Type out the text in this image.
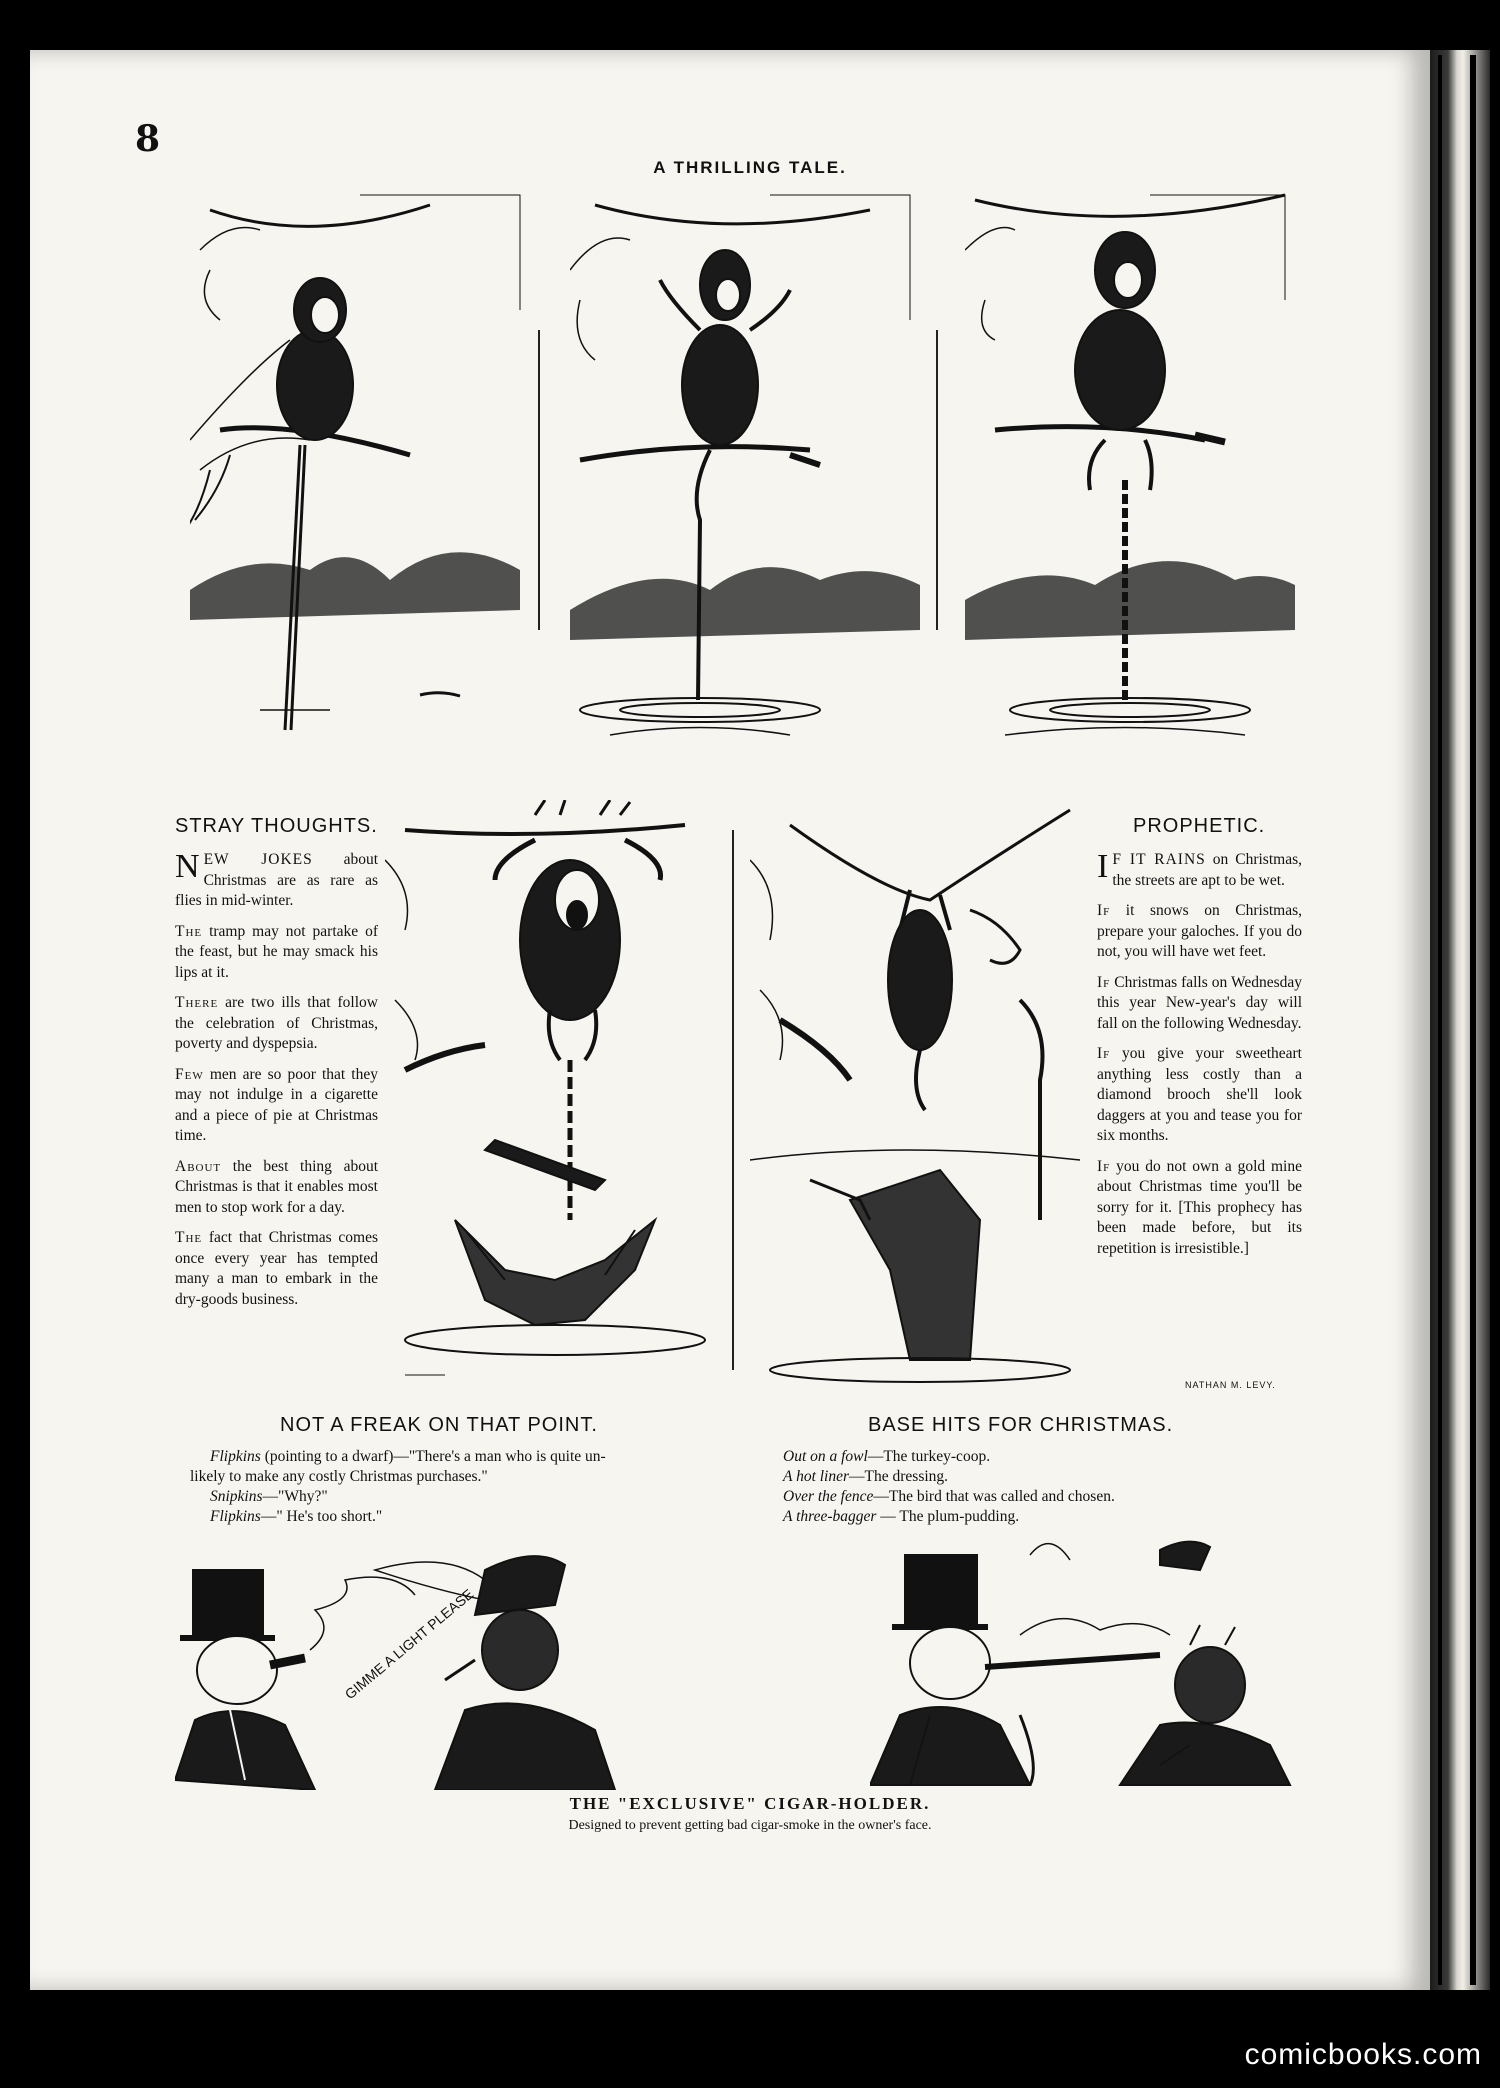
8
A THRILLING TALE.
STRAY THOUGHTS.

NEW JOKES about Christmas are as rare as flies in mid-winter.

The tramp may not partake of the feast, but he may smack his lips at it.

There are two ills that follow the celebration of Christmas, poverty and dyspepsia.

Few men are so poor that they may not indulge in a cigarette and a piece of pie at Christmas time.

About the best thing about Christmas is that it enables most men to stop work for a day.

The fact that Christmas comes once every year has tempted many a man to embark in the dry-goods business.

PROPHETIC.

I F IT RAINS on Christmas, the streets are apt to be wet.

If it snows on Christmas, prepare your galoches. If you do not, you will have wet feet.

If Christmas falls on Wednesday this year New-year's day will fall on the following Wednesday.

If you give your sweetheart anything less costly than a diamond brooch she'll look daggers at you and tease you for six months.

If you do not own a gold mine about Christmas time you'll be sorry for it. [This prophecy has been made before, but its repetition is irresistible.]

NATHAN M. LEVY.
NOT A FREAK ON THAT POINT.
Flipkins (pointing to a dwarf)—"There's a man who is quite un-
likely to make any costly Christmas purchases."
Snipkins—"Why?"
Flipkins—" He's too short."
BASE HITS FOR CHRISTMAS.
Out on a fowl—The turkey-coop.
A hot liner—The dressing.
Over the fence—The bird that was called and chosen.
A three-bagger — The plum-pudding.
GIMME A LIGHT PLEASE
THE "EXCLUSIVE" CIGAR-HOLDER.
Designed to prevent getting bad cigar-smoke in the owner's face.
comicbooks.com
